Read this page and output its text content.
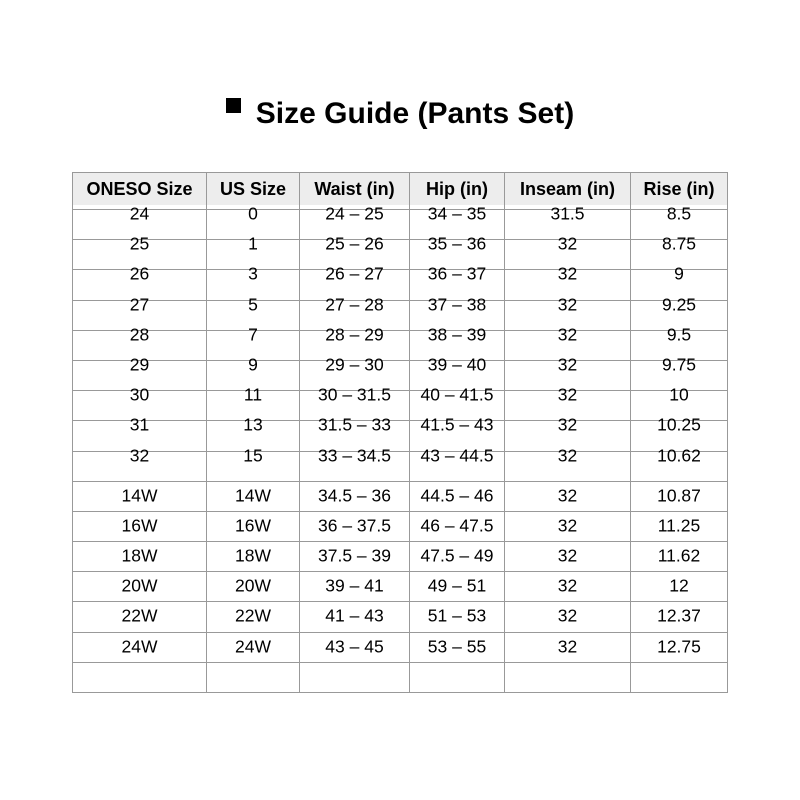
Size Guide (Pants Set)
ONESO Size	US Size	Waist (in)	Hip (in)	Inseam (in)	Rise (in)
24	0	24 – 25	34 – 35	31.5	8.5
25	1	25 – 26	35 – 36	32	8.75
26	3	26 – 27	36 – 37	32	9
27	5	27 – 28	37 – 38	32	9.25
28	7	28 – 29	38 – 39	32	9.5
29	9	29 – 30	39 – 40	32	9.75
30	11	30 – 31.5	40 – 41.5	32	10
31	13	31.5 – 33	41.5 – 43	32	10.25
32	15	33 – 34.5	43 – 44.5	32	10.62
14W	14W	34.5 – 36	44.5 – 46	32	10.87
16W	16W	36 – 37.5	46 – 47.5	32	11.25
18W	18W	37.5 – 39	47.5 – 49	32	11.62
20W	20W	39 – 41	49 – 51	32	12
22W	22W	41 – 43	51 – 53	32	12.37
24W	24W	43 – 45	53 – 55	32	12.75
